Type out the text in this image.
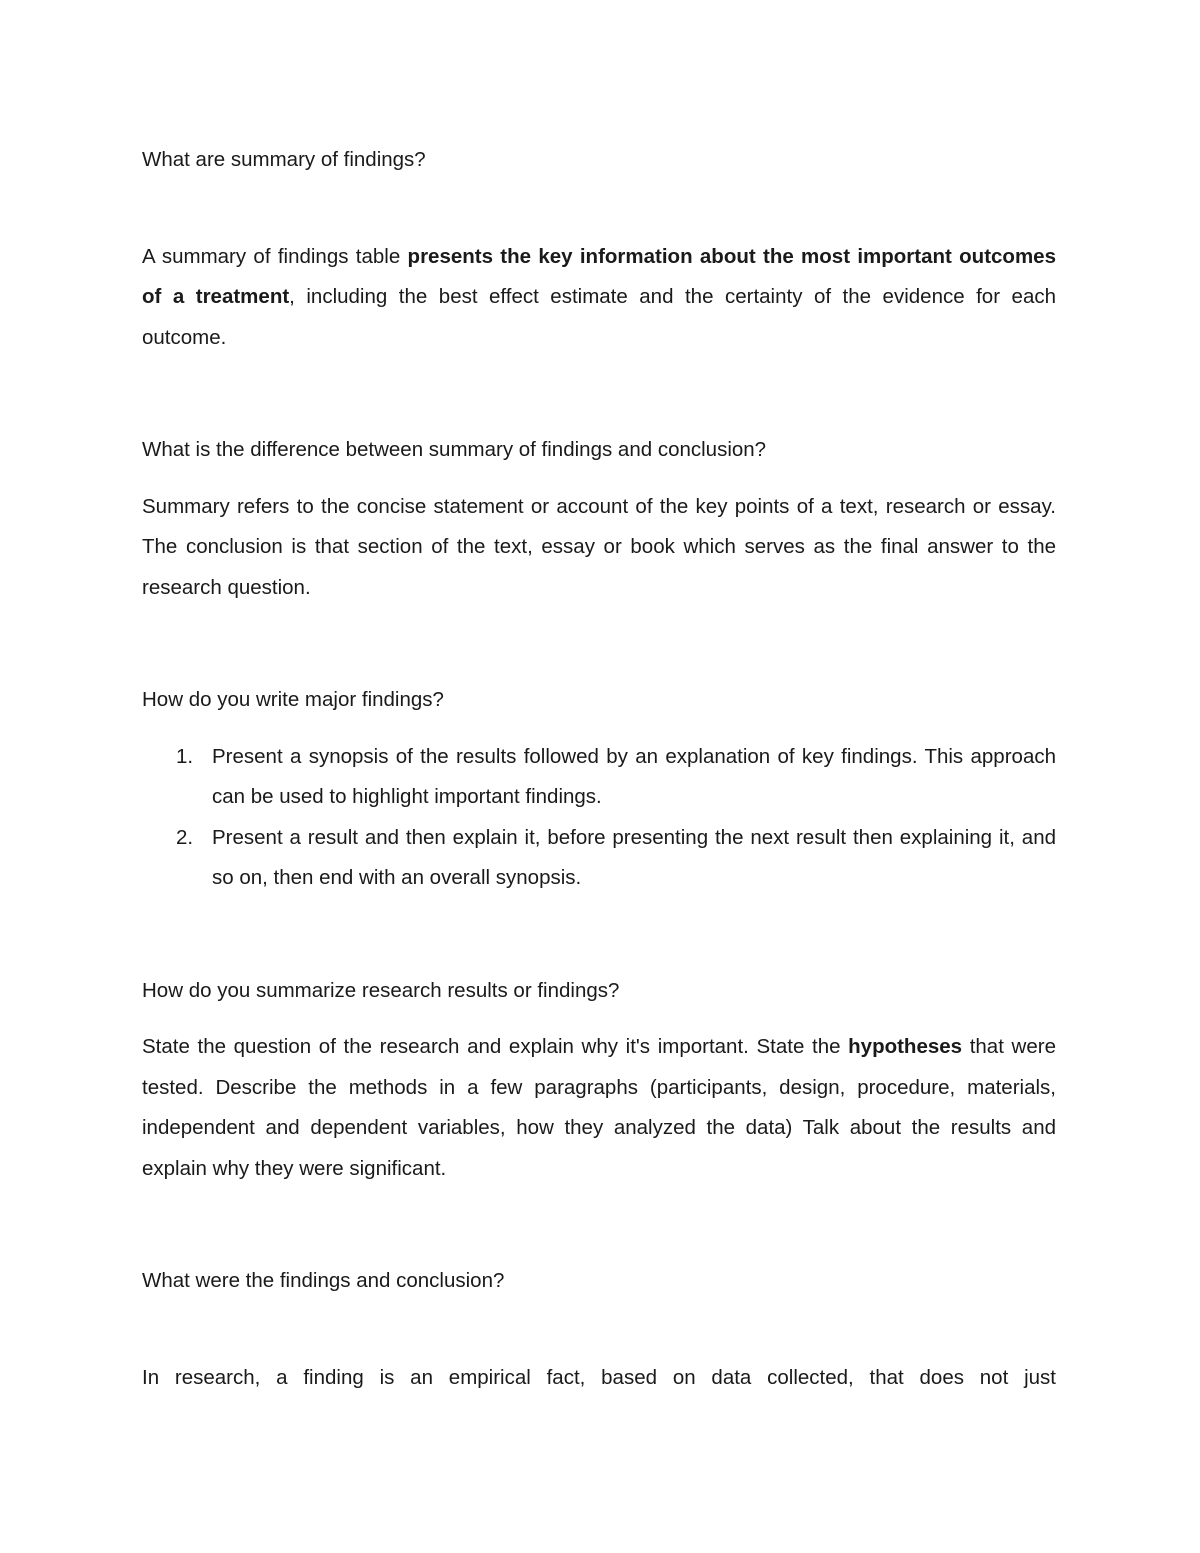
What are summary of findings?

A summary of findings table presents the key information about the most important outcomes of a treatment, including the best effect estimate and the certainty of the evidence for each outcome.

What is the difference between summary of findings and conclusion?

Summary refers to the concise statement or account of the key points of a text, research or essay. The conclusion is that section of the text, essay or book which serves as the final answer to the research question.

How do you write major findings?

1. Present a synopsis of the results followed by an explanation of key findings. This approach can be used to highlight important findings.
2. Present a result and then explain it, before presenting the next result then explaining it, and so on, then end with an overall synopsis.

How do you summarize research results or findings?

State the question of the research and explain why it's important. State the hypotheses that were tested. Describe the methods in a few paragraphs (participants, design, procedure, materials, independent and dependent variables, how they analyzed the data) Talk about the results and explain why they were significant.

What were the findings and conclusion?

In research, a finding is an empirical fact, based on data collected, that does not just
